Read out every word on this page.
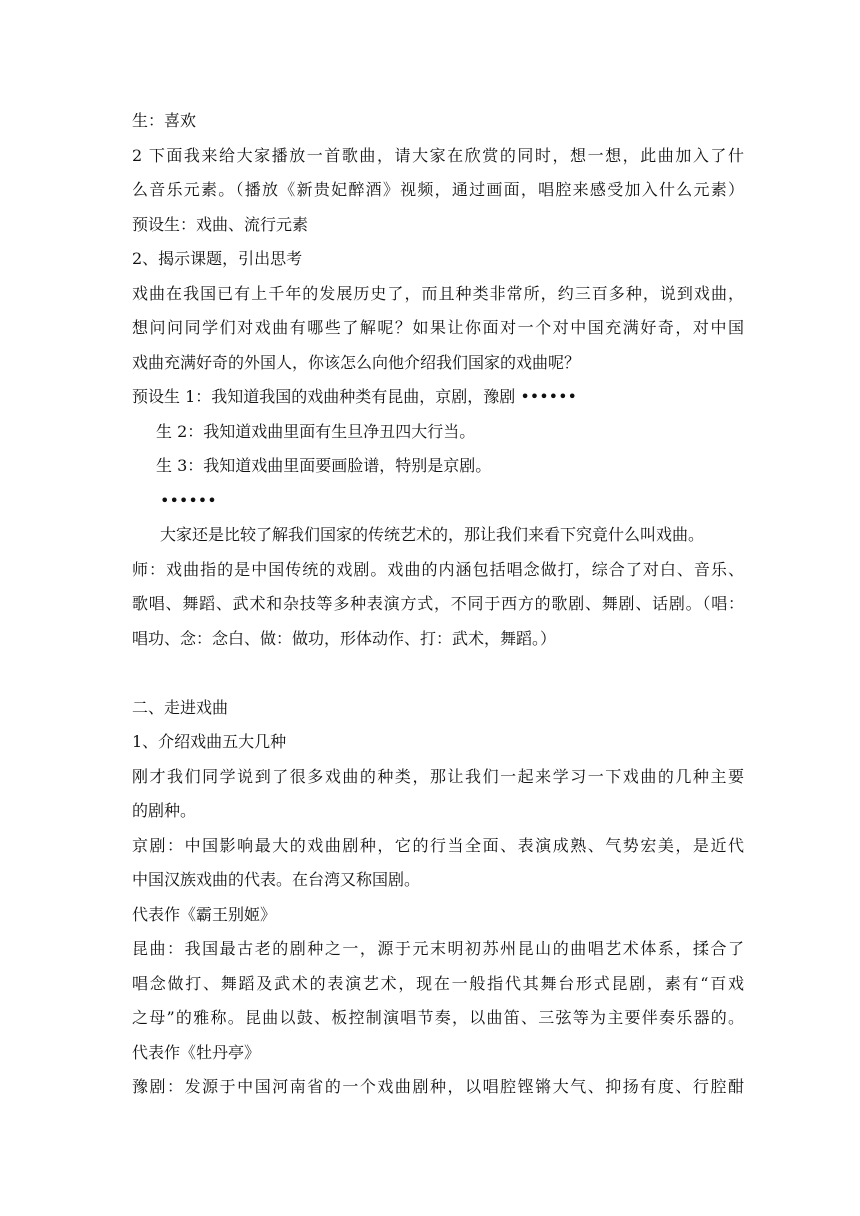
生：喜欢
2 下面我来给大家播放一首歌曲，请大家在欣赏的同时，想一想，此曲加入了什
么音乐元素。（播放《新贵妃醉酒》视频，通过画面，唱腔来感受加入什么元素）
预设生：戏曲、流行元素
2、揭示课题，引出思考
戏曲在我国已有上千年的发展历史了，而且种类非常所，约三百多种，说到戏曲，
想问问同学们对戏曲有哪些了解呢？如果让你面对一个对中国充满好奇，对中国
戏曲充满好奇的外国人，你该怎么向他介绍我们国家的戏曲呢？
预设生 1：我知道我国的戏曲种类有昆曲，京剧，豫剧 ••••••
生 2：我知道戏曲里面有生旦净丑四大行当。
生 3：我知道戏曲里面要画脸谱，特别是京剧。
••••••
大家还是比较了解我们国家的传统艺术的，那让我们来看下究竟什么叫戏曲。
师：戏曲指的是中国传统的戏剧。戏曲的内涵包括唱念做打，综合了对白、音乐、
歌唱、舞蹈、武术和杂技等多种表演方式，不同于西方的歌剧、舞剧、话剧。（唱：
唱功、念：念白、做：做功，形体动作、打：武术，舞蹈。）
二、走进戏曲
1、介绍戏曲五大几种
刚才我们同学说到了很多戏曲的种类，那让我们一起来学习一下戏曲的几种主要
的剧种。
京剧：中国影响最大的戏曲剧种，它的行当全面、表演成熟、气势宏美，是近代
中国汉族戏曲的代表。在台湾又称国剧。
代表作《霸王别姬》
昆曲：我国最古老的剧种之一，源于元末明初苏州昆山的曲唱艺术体系，揉合了
唱念做打、舞蹈及武术的表演艺术，现在一般指代其舞台形式昆剧，素有“百戏
之母”的雅称。昆曲以鼓、板控制演唱节奏，以曲笛、三弦等为主要伴奏乐器的。
代表作《牡丹亭》
豫剧：发源于中国河南省的一个戏曲剧种，以唱腔铿锵大气、抑扬有度、行腔酣
